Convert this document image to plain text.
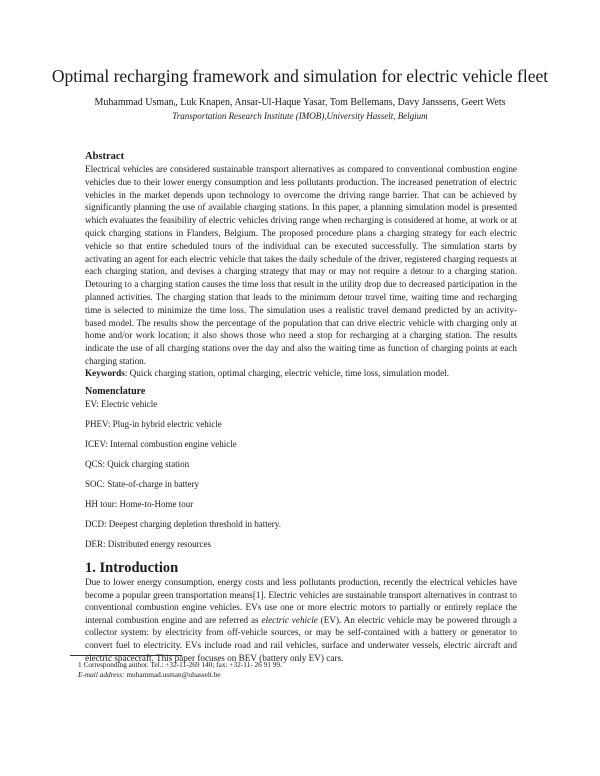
Optimal recharging framework and simulation for electric vehicle fleet
Muhammad Usmanᵢ, Luk Knapen, Ansar-Ul-Haque Yasar, Tom Bellemans, Davy Janssens, Geert Wets
Transportation Research Institute (IMOB),University Hasselt, Belgium
Abstract
Electrical vehicles are considered sustainable transport alternatives as compared to conventional combustion engine vehicles due to their lower energy consumption and less pollutants production. The increased penetration of electric vehicles in the market depends upon technology to overcome the driving range barrier. That can be achieved by significantly planning the use of available charging stations. In this paper, a planning simulation model is presented which evaluates the feasibility of electric vehicles driving range when recharging is considered at home, at work or at quick charging stations in Flanders, Belgium. The proposed procedure plans a charging strategy for each electric vehicle so that entire scheduled tours of the individual can be executed successfully. The simulation starts by activating an agent for each electric vehicle that takes the daily schedule of the driver, registered charging requests at each charging station, and devises a charging strategy that may or may not require a detour to a charging station. Detouring to a charging station causes the time loss that result in the utility drop due to decreased participation in the planned activities. The charging station that leads to the minimum detour travel time, waiting time and recharging time is selected to minimize the time loss. The simulation uses a realistic travel demand predicted by an activity-based model. The results show the percentage of the population that can drive electric vehicle with charging only at home and/or work location; it also shows those who need a stop for recharging at a charging station. The results indicate the use of all charging stations over the day and also the waiting time as function of charging points at each charging station.
Keywords: Quick charging station, optimal charging, electric vehicle, time loss, simulation model.
Nomenclature
EV: Electric vehicle
PHEV: Plug-in hybrid electric vehicle
ICEV: Internal combustion engine vehicle
QCS: Quick charging station
SOC: State-of-charge in battery
HH tour: Home-to-Home tour
DCD: Deepest charging depletion threshold in battery.
DER: Distributed energy resources
1. Introduction
Due to lower energy consumption, energy costs and less pollutants production, recently the electrical vehicles have become a popular green transportation means[1]. Electric vehicles are sustainable transport alternatives in contrast to conventional combustion engine vehicles. EVs use one or more electric motors to partially or entirely replace the internal combustion engine and are referred as electric vehicle (EV). An electric vehicle may be powered through a collector system: by electricity from off-vehicle sources, or may be self-contained with a battery or generator to convert fuel to electricity. EVs include road and rail vehicles, surface and underwater vessels, electric aircraft and electric spacecraft. This paper focuses on BEV (battery only EV) cars.
1 Corresponding author. Tel.: +32-11-269 140; fax: +32-11- 26 91 99.
E-mail address: muhammad.usman@uhasselt.be
